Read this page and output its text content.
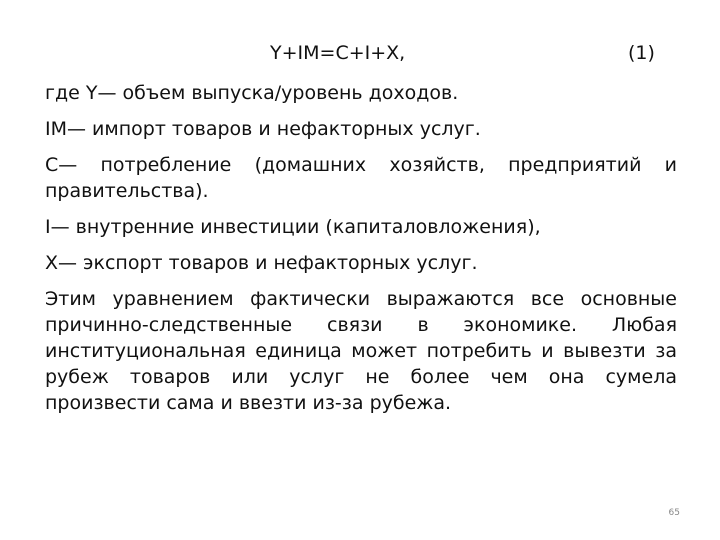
Y+IM=C+I+X,	(1)

где Y— объем выпуска/уровень доходов.

IM— импорт товаров и нефакторных услуг.

C— потребление (домашних хозяйств, предприятий и правительства).

I— внутренние инвестиции (капиталовложения),

X— экспорт товаров и нефакторных услуг.

Этим уравнением фактически выражаются все основные причинно-следственные связи в экономике. Любая институциональная единица может потребить и вывезти за рубеж товаров или услуг не более чем она сумела произвести сама и ввезти из-за рубежа.

65
